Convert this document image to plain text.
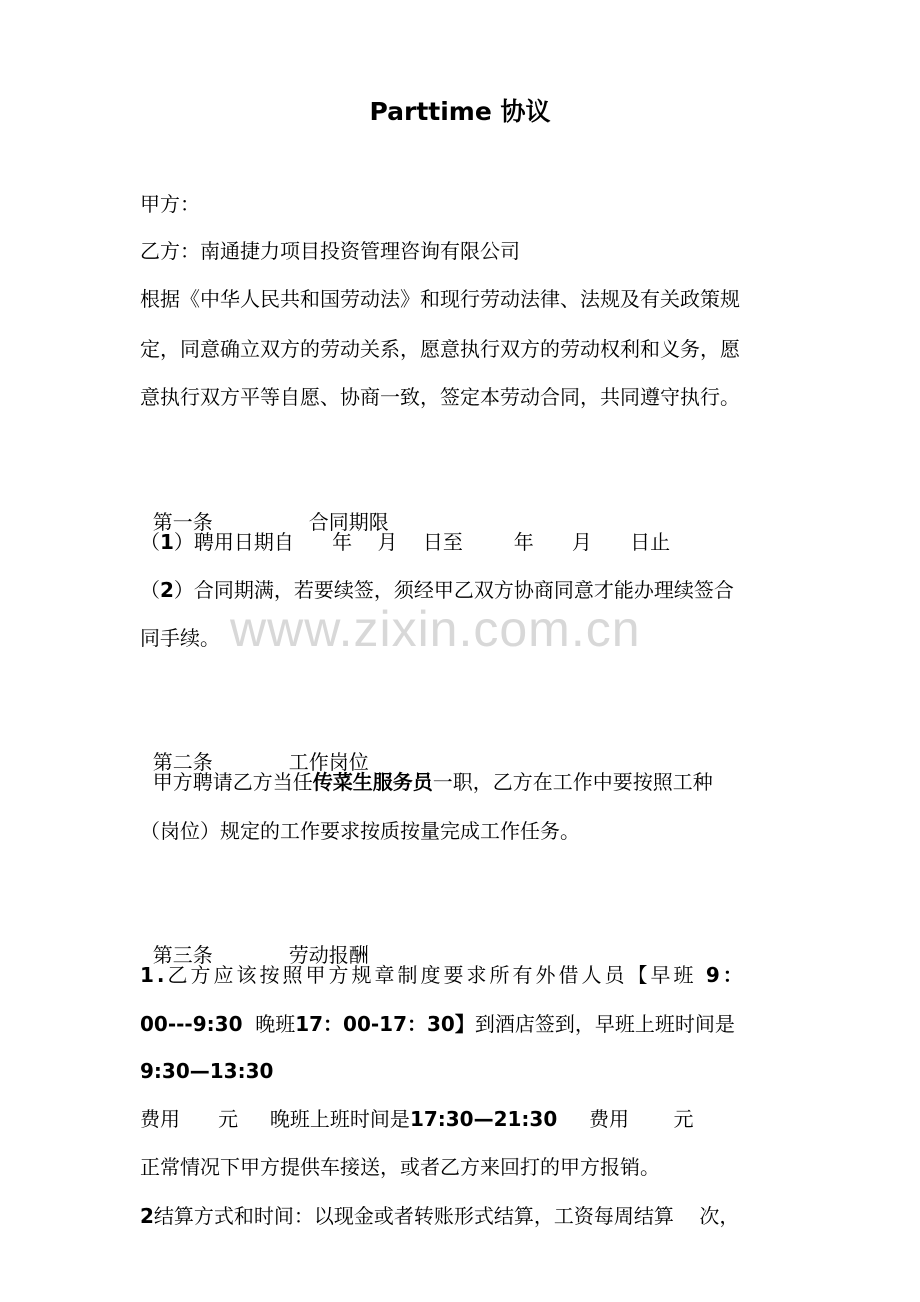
Parttime 协议
甲方：
乙方：南通捷力项目投资管理咨询有限公司
根据《中华人民共和国劳动法》和现行劳动法律、法规及有关政策规
定，同意确立双方的劳动关系，愿意执行双方的劳动权利和义务，愿
意执行双方平等自愿、协商一致，签定本劳动合同，共同遵守执行。

第一条	合同期限

（1）聘用日期自      年    月    日至        年      月      日止
（2）合同期满，若要续签，须经甲乙双方协商同意才能办理续签合
同手续。 www.zixin.com.cn

第二条	工作岗位

甲方聘请乙方当任传菜生服务员一职，乙方在工作中要按照工种
（岗位）规定的工作要求按质按量完成工作任务。

第三条	劳动报酬

1.乙方应该按照甲方规章制度要求所有外借人员【早班 9：
00---9:30  晚班17：00-17：30】到酒店签到，早班上班时间是
9:30—13:30
费用      元     晚班上班时间是17:30—21:30     费用       元
正常情况下甲方提供车接送，或者乙方来回打的甲方报销。
2结算方式和时间：以现金或者转账形式结算，工资每周结算    次，
